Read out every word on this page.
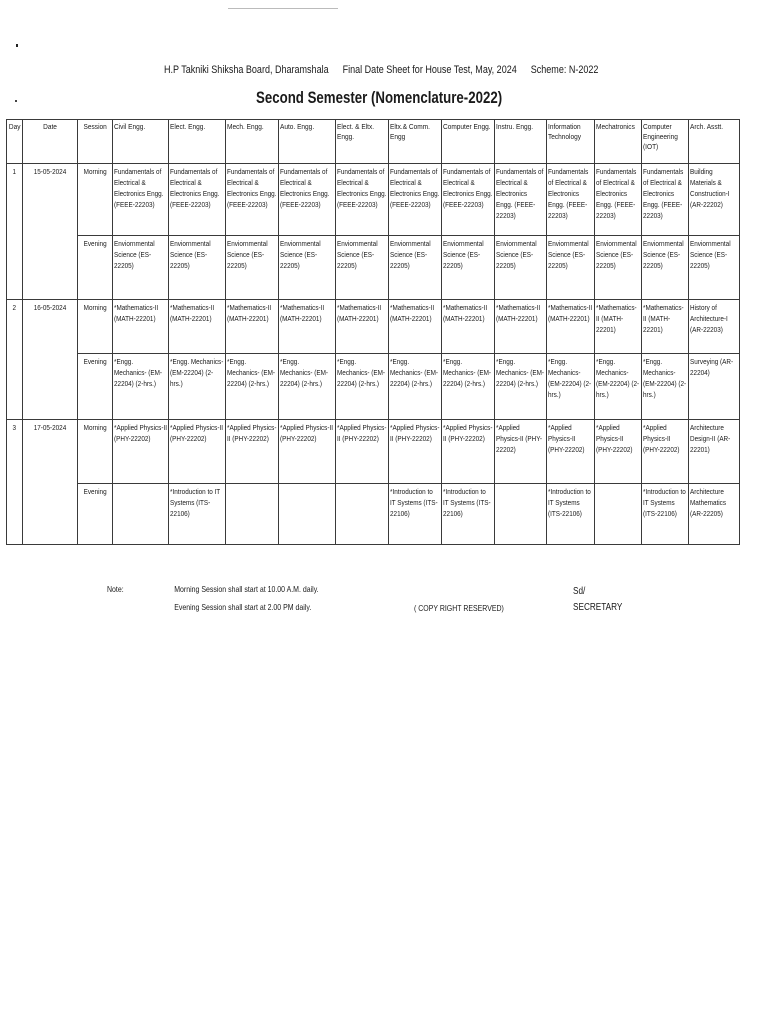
H.P Takniki Shiksha Board, Dharamshala Final Date Sheet for House Test, May, 2024 Scheme: N-2022
Second Semester (Nomenclature-2022)
Day	Date	Session	Civil Engg.	Elect. Engg.	Mech. Engg.	Auto. Engg.	Elect. & Eltx. Engg.	Eltx.& Comm. Engg	Computer Engg.	Instru. Engg.	Information Technology	Mechatronics	Computer Engineering (IOT)	Arch. Asstt.

1	15-05-2024	Morning	Fundamentals of Electrical & Electronics Engg. (FEEE-22203)	Fundamentals of Electrical & Electronics Engg. (FEEE-22203)	Fundamentals of Electrical & Electronics Engg. (FEEE-22203)	Fundamentals of Electrical & Electronics Engg. (FEEE-22203)	Fundamentals of Electrical & Electronics Engg. (FEEE-22203)	Fundamentals of Electrical & Electronics Engg. (FEEE-22203)	Fundamentals of Electrical & Electronics Engg. (FEEE-22203)	Fundamentals of Electrical & Electronics Engg. (FEEE-22203)	Fundamentals of Electrical & Electronics Engg. (FEEE-22203)	Fundamentals of Electrical & Electronics Engg. (FEEE-22203)	Fundamentals of Electrical & Electronics Engg. (FEEE-22203)	Building Materials & Construction-I (AR-22202)

		Evening	Enviornmental Science (ES-22205)	Enviornmental Science (ES-22205)	Enviornmental Science (ES-22205)	Enviornmental Science (ES-22205)	Enviornmental Science (ES-22205)	Enviornmental Science (ES-22205)	Enviornmental Science (ES-22205)	Enviornmental Science (ES-22205)	Enviornmental Science (ES-22205)	Enviornmental Science (ES-22205)	Enviornmental Science (ES-22205)	Enviornmental Science (ES-22205)

2	16-05-2024	Morning	*Mathematics-II (MATH-22201)	*Mathematics-II (MATH-22201)	*Mathematics-II (MATH-22201)	*Mathematics-II (MATH-22201)	*Mathematics-II (MATH-22201)	*Mathematics-II (MATH-22201)	*Mathematics-II (MATH-22201)	*Mathematics-II (MATH-22201)	*Mathematics-II (MATH-22201)	*Mathematics-II (MATH-22201)	*Mathematics-II (MATH-22201)	History of Architecture-I (AR-22203)

		Evening	*Engg. Mechanics- (EM-22204) (2-hrs.)	*Engg. Mechanics- (EM-22204) (2-hrs.)	*Engg. Mechanics- (EM-22204) (2-hrs.)	*Engg. Mechanics- (EM-22204) (2-hrs.)	*Engg. Mechanics- (EM-22204) (2-hrs.)	*Engg. Mechanics- (EM-22204) (2-hrs.)	*Engg. Mechanics- (EM-22204) (2-hrs.)	*Engg. Mechanics- (EM-22204) (2-hrs.)	*Engg. Mechanics- (EM-22204) (2-hrs.)	*Engg. Mechanics- (EM-22204) (2-hrs.)	*Engg. Mechanics- (EM-22204) (2-hrs.)	Surveying (AR-22204)

3	17-05-2024	Morning	*Applied Physics-II (PHY-22202)	*Applied Physics-II (PHY-22202)	*Applied Physics-II (PHY-22202)	*Applied Physics-II (PHY-22202)	*Applied Physics-II (PHY-22202)	*Applied Physics-II (PHY-22202)	*Applied Physics-II (PHY-22202)	*Applied Physics-II (PHY-22202)	*Applied Physics-II (PHY-22202)	*Applied Physics-II (PHY-22202)	*Applied Physics-II (PHY-22202)	Architecture Design-II (AR-22201)

		Evening		*Introduction to IT Systems (ITS-22106)				*Introduction to IT Systems (ITS-22106)	*Introduction to IT Systems (ITS-22106)		*Introduction to IT Systems (ITS-22106)		*Introduction to IT Systems (ITS-22106)	Architecture Mathematics (AR-22205)
Note:	Morning Session shall start at 10.00 A.M. daily.
Evening Session shall start at 2.00 PM daily.	( COPY RIGHT RESERVED)
Sd/
SECRETARY
